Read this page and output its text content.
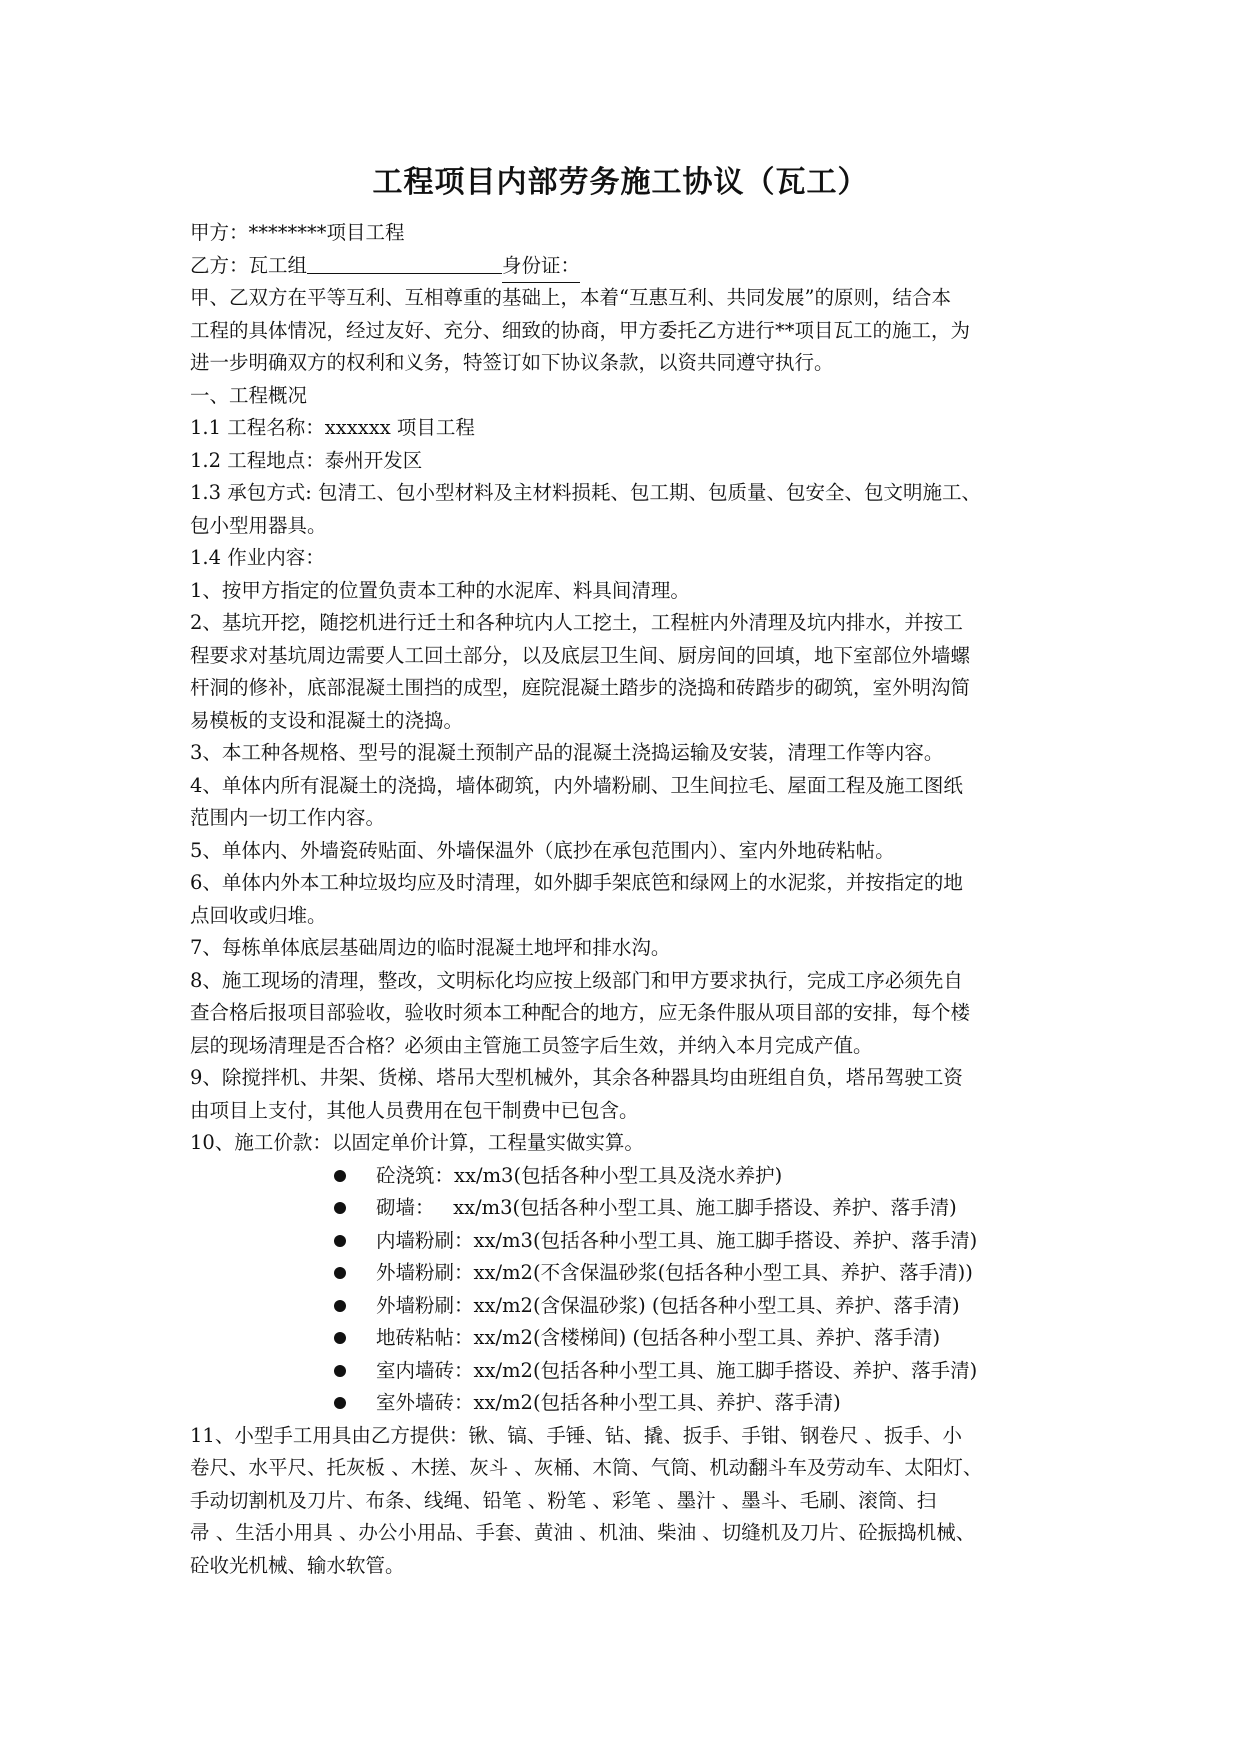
工程项目内部劳务施工协议（瓦工）
甲方：********项目工程
乙方：瓦工组	身份证：
甲、乙双方在平等互利、互相尊重的基础上，本着“互惠互利、共同发展”的原则，结合本
工程的具体情况，经过友好、充分、细致的协商，甲方委托乙方进行**项目瓦工的施工，为
进一步明确双方的权利和义务，特签订如下协议条款，以资共同遵守执行。
一、工程概况
1.1 工程名称：xxxxxx 项目工程
1.2 工程地点：泰州开发区
1.3 承包方式: 包清工、包小型材料及主材料损耗、包工期、包质量、包安全、包文明施工、
包小型用器具。
1.4 作业内容：
1、按甲方指定的位置负责本工种的水泥库、料具间清理。
2、基坑开挖，随挖机进行迁土和各种坑内人工挖土，工程桩内外清理及坑内排水，并按工
程要求对基坑周边需要人工回土部分，以及底层卫生间、厨房间的回填，地下室部位外墙螺
杆洞的修补，底部混凝土围挡的成型，庭院混凝土踏步的浇捣和砖踏步的砌筑，室外明沟简
易模板的支设和混凝土的浇捣。
3、本工种各规格、型号的混凝土预制产品的混凝土浇捣运输及安装，清理工作等内容。
4、单体内所有混凝土的浇捣，墙体砌筑，内外墙粉刷、卫生间拉毛、屋面工程及施工图纸
范围内一切工作内容。
5、单体内、外墙瓷砖贴面、外墙保温外（底抄在承包范围内）、室内外地砖粘帖。
6、单体内外本工种垃圾均应及时清理，如外脚手架底笆和绿网上的水泥浆，并按指定的地
点回收或归堆。
7、每栋单体底层基础周边的临时混凝土地坪和排水沟。
8、施工现场的清理，整改，文明标化均应按上级部门和甲方要求执行，完成工序必须先自
查合格后报项目部验收，验收时须本工种配合的地方，应无条件服从项目部的安排，每个楼
层的现场清理是否合格？必须由主管施工员签字后生效，并纳入本月完成产值。
9、除搅拌机、井架、货梯、塔吊大型机械外，其余各种器具均由班组自负，塔吊驾驶工资
由项目上支付，其他人员费用在包干制费中已包含。
10、施工价款：以固定单价计算，工程量实做实算。
砼浇筑：xx/m3(包括各种小型工具及浇水养护)
砌墙：   xx/m3(包括各种小型工具、施工脚手搭设、养护、落手清)
内墙粉刷：xx/m3(包括各种小型工具、施工脚手搭设、养护、落手清)
外墙粉刷：xx/m2(不含保温砂浆(包括各种小型工具、养护、落手清))
外墙粉刷：xx/m2(含保温砂浆) (包括各种小型工具、养护、落手清)
地砖粘帖：xx/m2(含楼梯间) (包括各种小型工具、养护、落手清)
室内墙砖：xx/m2(包括各种小型工具、施工脚手搭设、养护、落手清)
室外墙砖：xx/m2(包括各种小型工具、养护、落手清)
11、小型手工用具由乙方提供：锹、镐、手锤、钻、撬、扳手、手钳、钢卷尺 、扳手、小
卷尺、水平尺、托灰板 、木搓、灰斗 、灰桶、木筒、气筒、机动翻斗车及劳动车、太阳灯、
手动切割机及刀片、布条、线绳、铅笔 、粉笔 、彩笔 、墨汁 、墨斗、毛刷、滚筒、扫
帚 、生活小用具 、办公小用品、手套、黄油 、机油、柴油 、切缝机及刀片、砼振捣机械、
砼收光机械、输水软管。
